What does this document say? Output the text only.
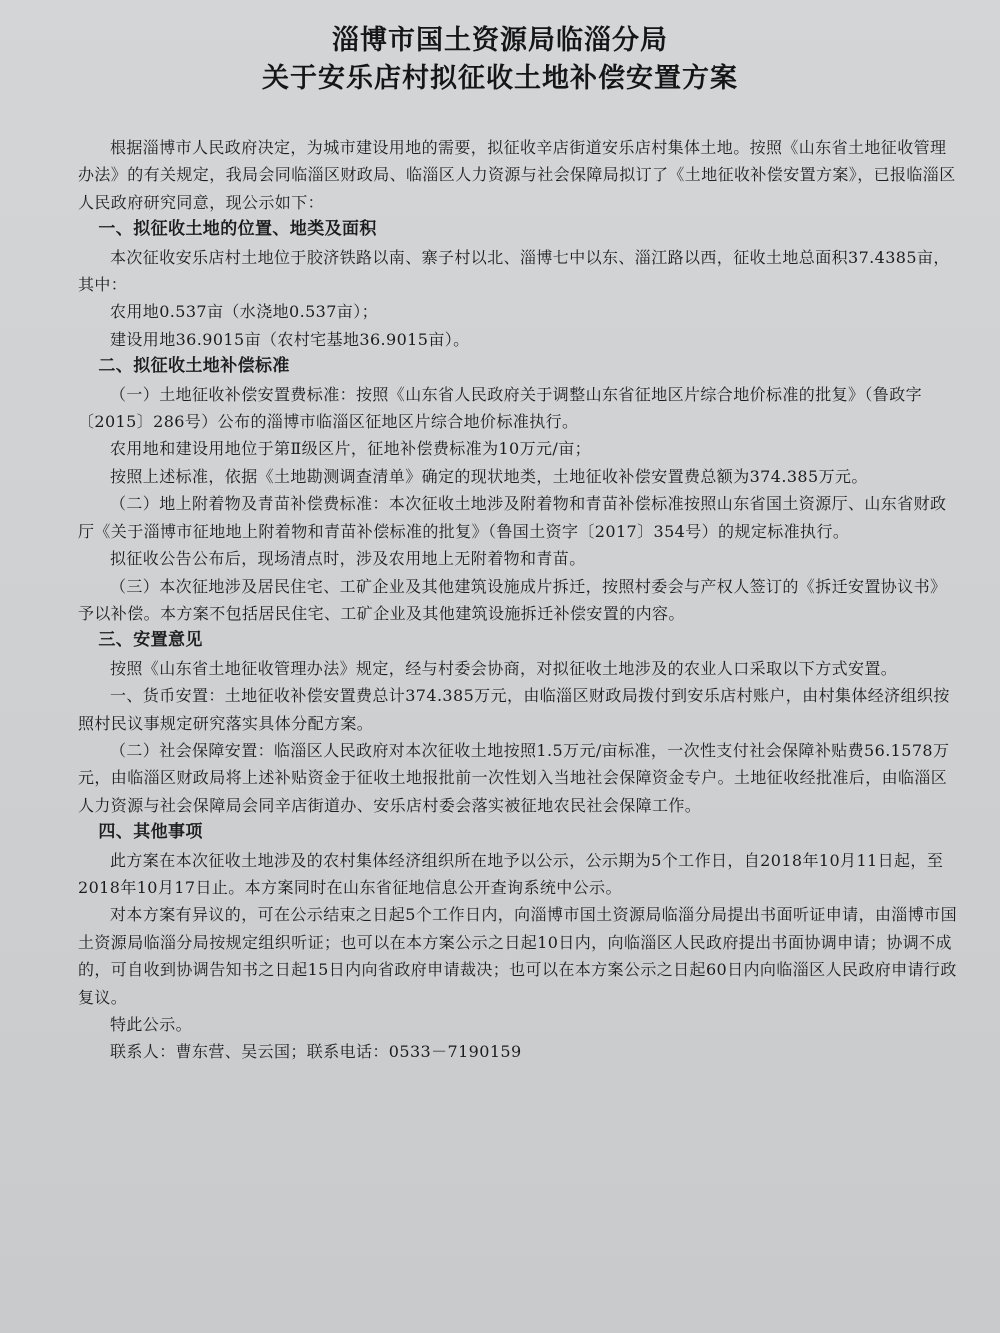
淄博市国土资源局临淄分局
关于安乐店村拟征收土地补偿安置方案

根据淄博市人民政府决定，为城市建设用地的需要，拟征收辛店街道安乐店村集体土地。按照《山东省土地征收管理办法》的有关规定，我局会同临淄区财政局、临淄区人力资源与社会保障局拟订了《土地征收补偿安置方案》，已报临淄区人民政府研究同意，现公示如下：

一、拟征收土地的位置、地类及面积

本次征收安乐店村土地位于胶济铁路以南、寨子村以北、淄博七中以东、淄江路以西，征收土地总面积37.4385亩，其中：

农用地0.537亩（水浇地0.537亩）；

建设用地36.9015亩（农村宅基地36.9015亩）。

二、拟征收土地补偿标准

（一）土地征收补偿安置费标准：按照《山东省人民政府关于调整山东省征地区片综合地价标准的批复》（鲁政字〔2015〕286号）公布的淄博市临淄区征地区片综合地价标准执行。

农用地和建设用地位于第Ⅱ级区片，征地补偿费标准为10万元/亩；

按照上述标准，依据《土地勘测调查清单》确定的现状地类，土地征收补偿安置费总额为374.385万元。

（二）地上附着物及青苗补偿费标准：本次征收土地涉及附着物和青苗补偿标准按照山东省国土资源厅、山东省财政厅《关于淄博市征地地上附着物和青苗补偿标准的批复》（鲁国土资字〔2017〕354号）的规定标准执行。

拟征收公告公布后，现场清点时，涉及农用地上无附着物和青苗。

（三）本次征地涉及居民住宅、工矿企业及其他建筑设施成片拆迁，按照村委会与产权人签订的《拆迁安置协议书》予以补偿。本方案不包括居民住宅、工矿企业及其他建筑设施拆迁补偿安置的内容。

三、安置意见

按照《山东省土地征收管理办法》规定，经与村委会协商，对拟征收土地涉及的农业人口采取以下方式安置。

一、货币安置：土地征收补偿安置费总计374.385万元，由临淄区财政局拨付到安乐店村账户，由村集体经济组织按照村民议事规定研究落实具体分配方案。

（二）社会保障安置：临淄区人民政府对本次征收土地按照1.5万元/亩标准，一次性支付社会保障补贴费56.1578万元，由临淄区财政局将上述补贴资金于征收土地报批前一次性划入当地社会保障资金专户。土地征收经批准后，由临淄区人力资源与社会保障局会同辛店街道办、安乐店村委会落实被征地农民社会保障工作。

四、其他事项

此方案在本次征收土地涉及的农村集体经济组织所在地予以公示，公示期为5个工作日，自2018年10月11日起，至2018年10月17日止。本方案同时在山东省征地信息公开查询系统中公示。

对本方案有异议的，可在公示结束之日起5个工作日内，向淄博市国土资源局临淄分局提出书面听证申请，由淄博市国土资源局临淄分局按规定组织听证；也可以在本方案公示之日起10日内，向临淄区人民政府提出书面协调申请；协调不成的，可自收到协调告知书之日起15日内向省政府申请裁决；也可以在本方案公示之日起60日内向临淄区人民政府申请行政复议。

特此公示。

联系人：曹东营、吴云国；联系电话：0533－7190159
